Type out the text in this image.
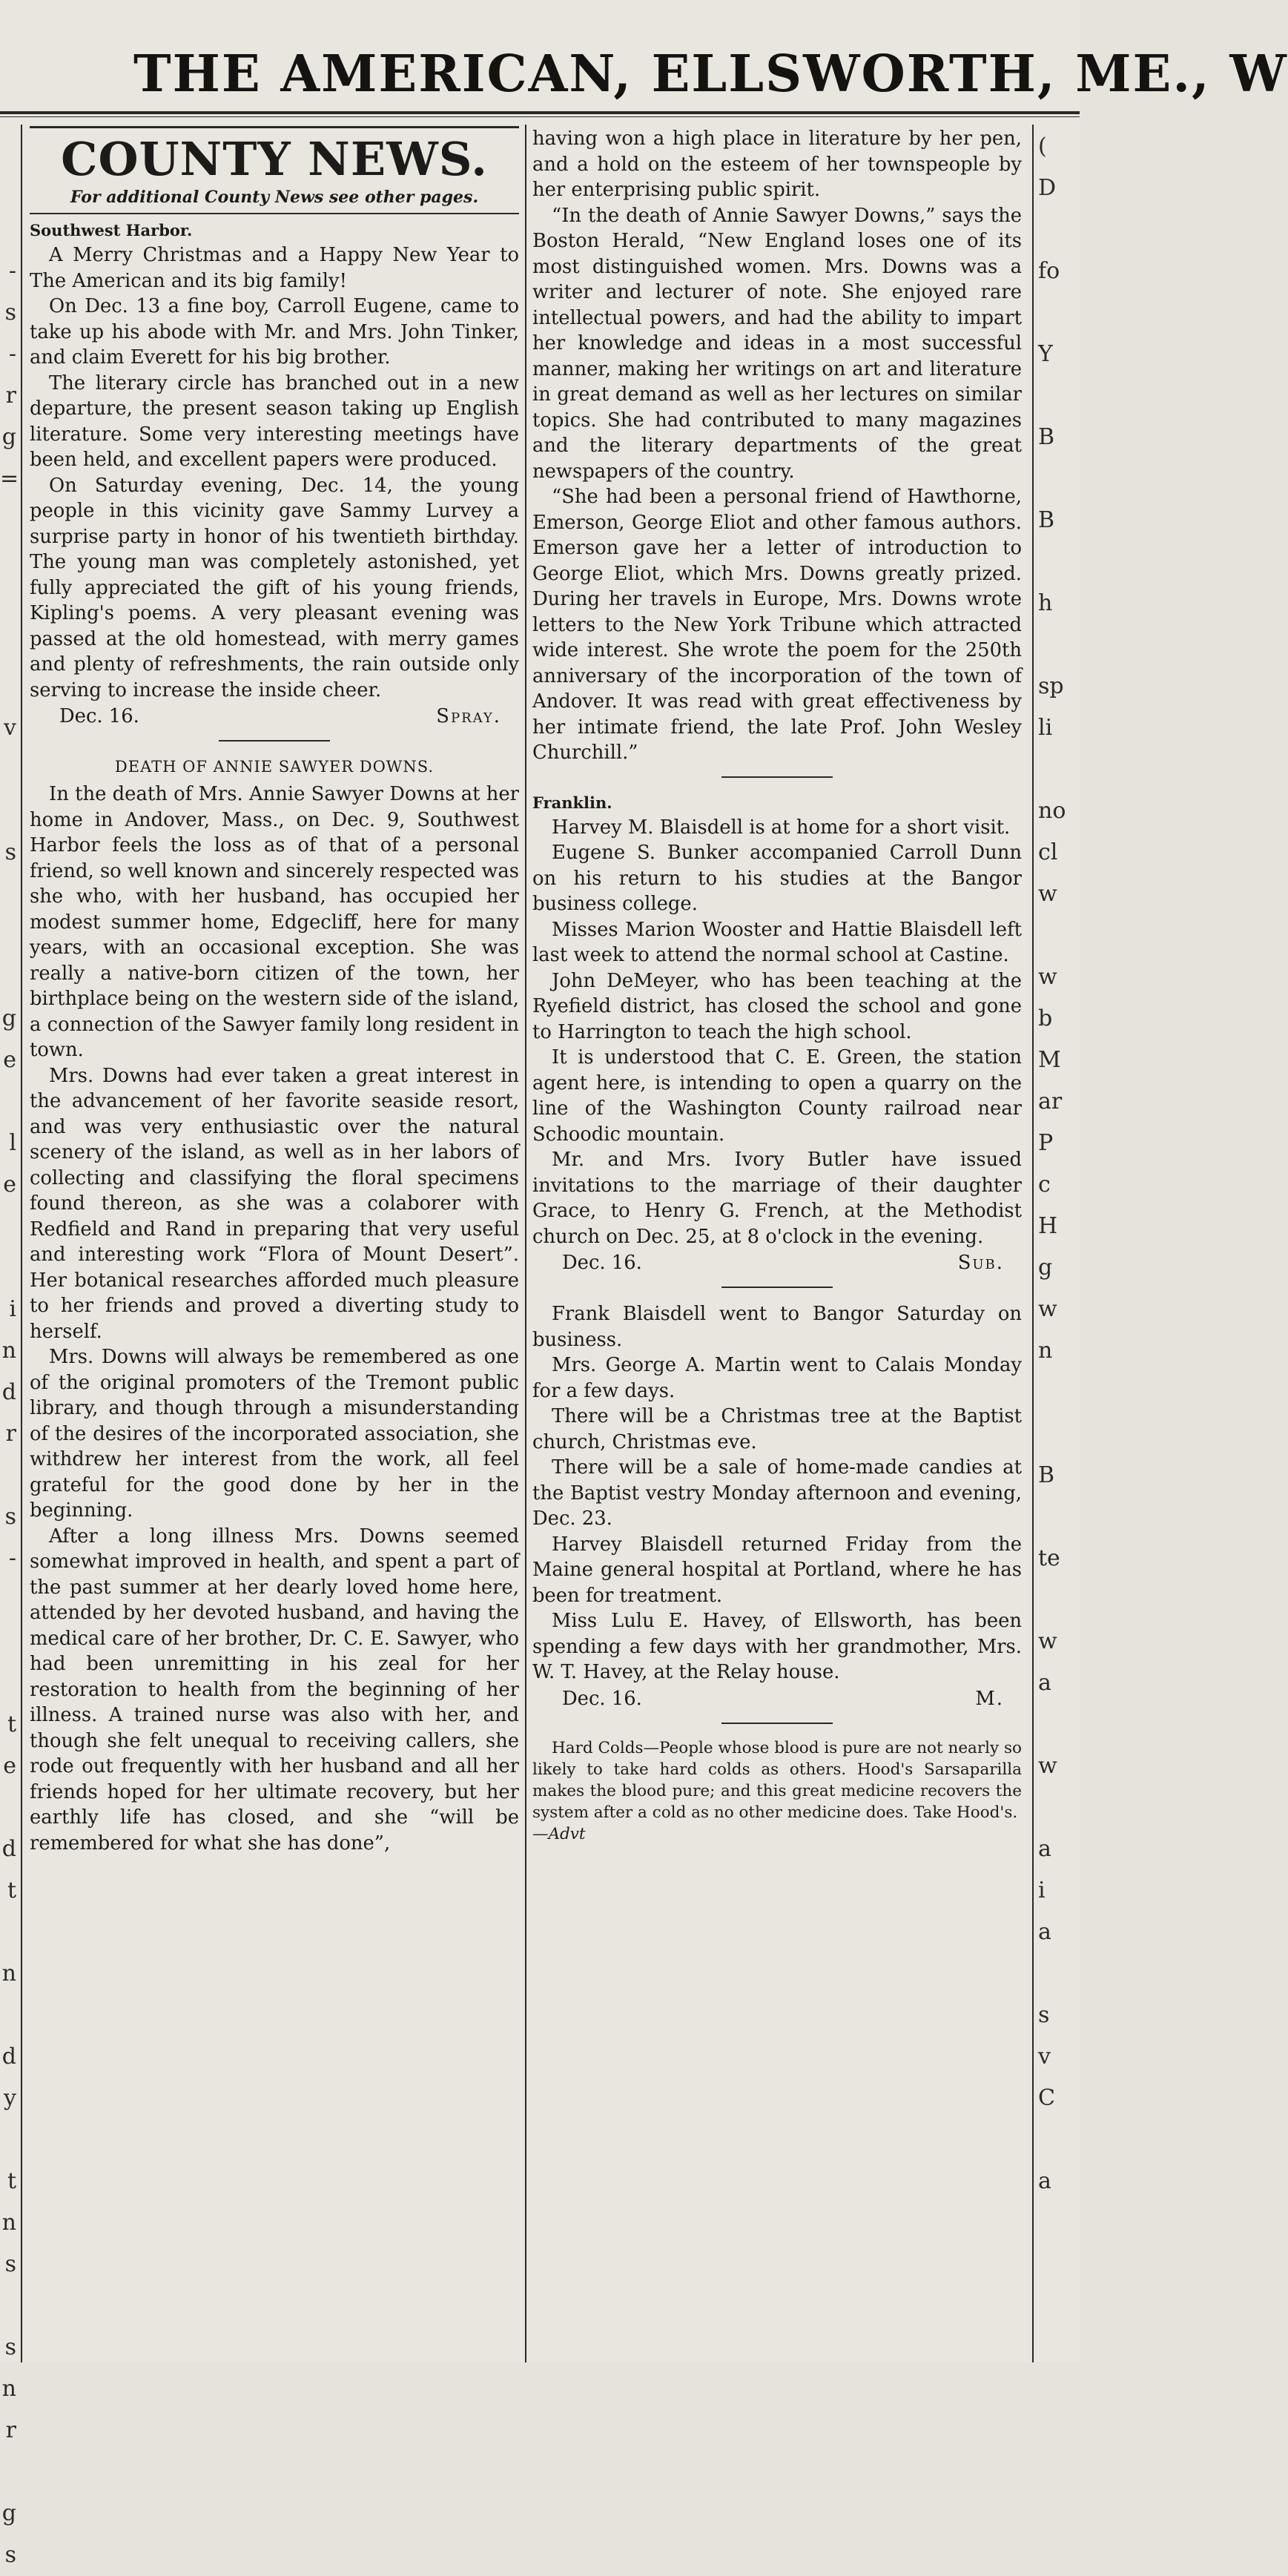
THE AMERICAN, ELLSWORTH, ME., W

-
s
-
r
g
=

v

s

g
e

l
e

i
n
d
r

s
-

t
e

d
t

n

d
y

t
n
s

s
n
r

g
s
(
D

fo

Y

B

B

h

sp
li

no
cl
w

w
b
M
ar
P
c
H
g
w
n

B

te

w
a

w

a
i
a

s
v
C

a
COUNTY NEWS.
For additional County News see other pages.

Southwest Harbor.

A Merry Christmas and a Happy New Year to The American and its big family!

On Dec. 13 a fine boy, Carroll Eugene, came to take up his abode with Mr. and Mrs. John Tinker, and claim Everett for his big brother.

The literary circle has branched out in a new departure, the present season taking up English literature. Some very interesting meetings have been held, and excellent papers were produced.

On Saturday evening, Dec. 14, the young people in this vicinity gave Sammy Lurvey a surprise party in honor of his twentieth birthday. The young man was completely astonished, yet fully appreciated the gift of his young friends, Kipling's poems. A very pleasant evening was passed at the old homestead, with merry games and plenty of refreshments, the rain outside only serving to increase the inside cheer.

Dec. 16.	Spray.
DEATH OF ANNIE SAWYER DOWNS.

In the death of Mrs. Annie Sawyer Downs at her home in Andover, Mass., on Dec. 9, Southwest Harbor feels the loss as of that of a personal friend, so well known and sincerely respected was she who, with her husband, has occupied her modest summer home, Edgecliff, here for many years, with an occasional exception. She was really a native-born citizen of the town, her birthplace being on the western side of the island, a connection of the Sawyer family long resident in town.

Mrs. Downs had ever taken a great interest in the advancement of her favorite seaside resort, and was very enthusiastic over the natural scenery of the island, as well as in her labors of collecting and classifying the floral specimens found thereon, as she was a colaborer with Redfield and Rand in preparing that very useful and interesting work “Flora of Mount Desert”. Her botanical researches afforded much pleasure to her friends and proved a diverting study to herself.

Mrs. Downs will always be remembered as one of the original promoters of the Tremont public library, and though through a misunderstanding of the desires of the incorporated association, she withdrew her interest from the work, all feel grateful for the good done by her in the beginning.

After a long illness Mrs. Downs seemed somewhat improved in health, and spent a part of the past summer at her dearly loved home here, attended by her devoted husband, and having the medical care of her brother, Dr. C. E. Sawyer, who had been unremitting in his zeal for her restoration to health from the beginning of her illness. A trained nurse was also with her, and though she felt unequal to receiving callers, she rode out frequently with her husband and all her friends hoped for her ultimate recovery, but her earthly life has closed, and she “will be remembered for what she has done”,

having won a high place in literature by her pen, and a hold on the esteem of her townspeople by her enterprising public spirit.

“In the death of Annie Sawyer Downs,” says the Boston Herald, “New England loses one of its most distinguished women. Mrs. Downs was a writer and lecturer of note. She enjoyed rare intellectual powers, and had the ability to impart her knowledge and ideas in a most successful manner, making her writings on art and literature in great demand as well as her lectures on similar topics. She had contributed to many magazines and the literary departments of the great newspapers of the country.

“She had been a personal friend of Hawthorne, Emerson, George Eliot and other famous authors. Emerson gave her a letter of introduction to George Eliot, which Mrs. Downs greatly prized. During her travels in Europe, Mrs. Downs wrote letters to the New York Tribune which attracted wide interest. She wrote the poem for the 250th anniversary of the incorporation of the town of Andover. It was read with great effectiveness by her intimate friend, the late Prof. John Wesley Churchill.”

Franklin.

Harvey M. Blaisdell is at home for a short visit.

Eugene S. Bunker accompanied Carroll Dunn on his return to his studies at the Bangor business college.

Misses Marion Wooster and Hattie Blaisdell left last week to attend the normal school at Castine.

John DeMeyer, who has been teaching at the Ryefield district, has closed the school and gone to Harrington to teach the high school.

It is understood that C. E. Green, the station agent here, is intending to open a quarry on the line of the Washington County railroad near Schoodic mountain.

Mr. and Mrs. Ivory Butler have issued invitations to the marriage of their daughter Grace, to Henry G. French, at the Methodist church on Dec. 25, at 8 o'clock in the evening.

Dec. 16.	Sub.

Frank Blaisdell went to Bangor Saturday on business.

Mrs. George A. Martin went to Calais Monday for a few days.

There will be a Christmas tree at the Baptist church, Christmas eve.

There will be a sale of home-made candies at the Baptist vestry Monday afternoon and evening, Dec. 23.

Harvey Blaisdell returned Friday from the Maine general hospital at Portland, where he has been for treatment.

Miss Lulu E. Havey, of Ellsworth, has been spending a few days with her grandmother, Mrs. W. T. Havey, at the Relay house.

Dec. 16.	M.

Hard Colds—People whose blood is pure are not nearly so likely to take hard colds as others. Hood's Sarsaparilla makes the blood pure; and this great medicine recovers the system after a cold as no other medicine does. Take Hood's.

—Advt
